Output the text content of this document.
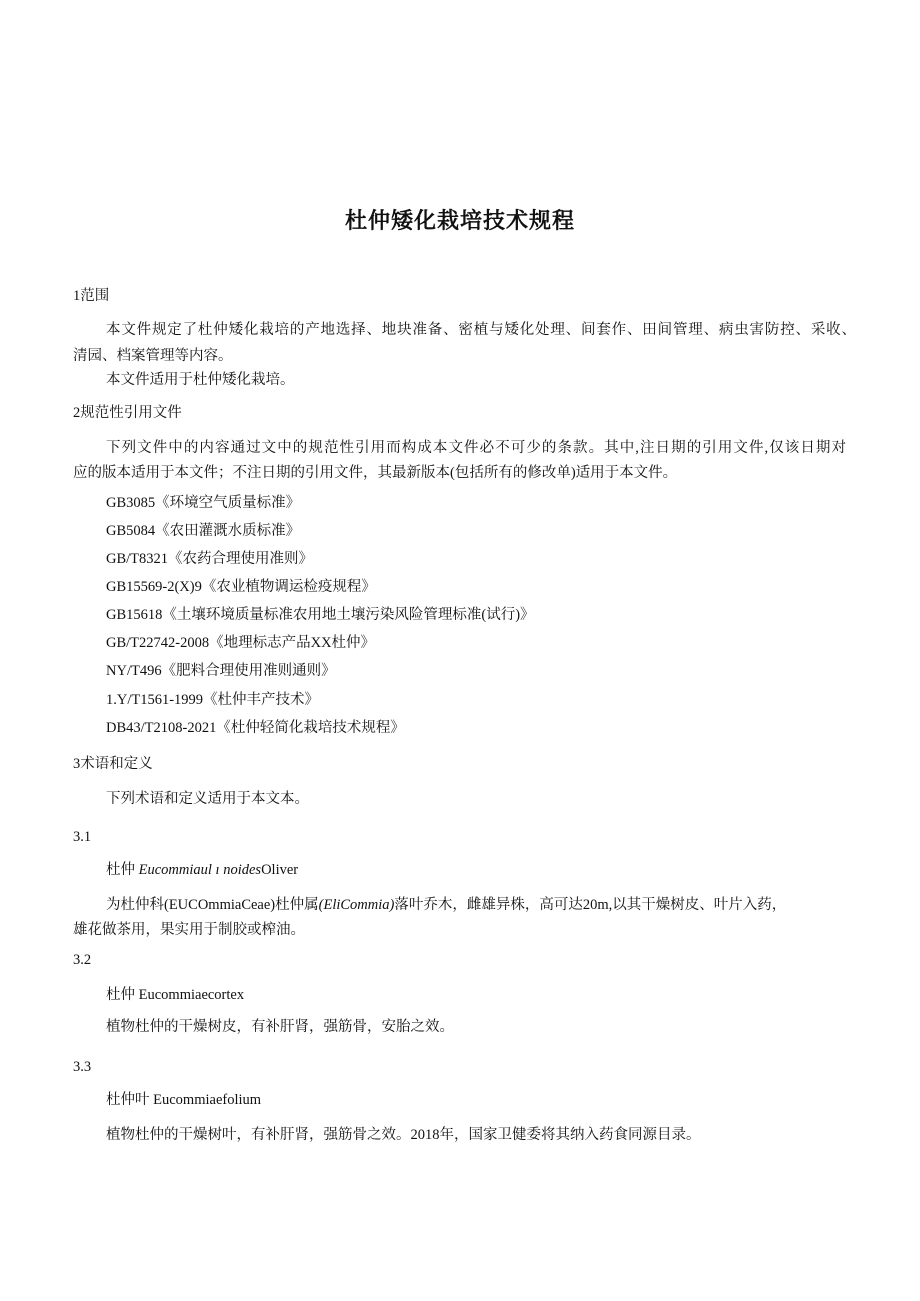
杜仲矮化栽培技术规程
1范围
本文件规定了杜仲矮化栽培的产地选择、地块准备、密植与矮化处理、间套作、田间管理、病虫害防控、采收、
清园、档案管理等内容。
本文件适用于杜仲矮化栽培。
2规范性引用文件
下列文件中的内容通过文中的规范性引用而构成本文件必不可少的条款。其中,注日期的引用文件,仅该日期对
应的版本适用于本文件；不注日期的引用文件，其最新版本(包括所有的修改单)适用于本文件。
GB3085《环境空气质量标准》
GB5084《农田灌溉水质标准》
GB/T8321《农药合理使用准则》
GB15569-2(X)9《农业植物调运检疫规程》
GB15618《土壤环境质量标准农用地土壤污染风险管理标准(试行)》
GB/T22742-2008《地理标志产品XX杜仲》
NY/T496《肥料合理使用准则通则》
1.Y/T1561-1999《杜仲丰产技术》
DB43/T2108-2021《杜仲轻简化栽培技术规程》
3术语和定义
下列术语和定义适用于本文本。
3.1
杜仲 Eucommiaul ı noidesOliver
为杜仲科(EUCOmmiaCeae)杜仲属(EliCommia)落叶乔木，雌雄异株，高可达20m,以其干燥树皮、叶片入药，
雄花做茶用，果实用于制胶或榨油。
3.2
杜仲 Eucommiaecortex
植物杜仲的干燥树皮，有补肝肾，强筋骨，安胎之效。
3.3
杜仲叶 Eucommiaefolium
植物杜仲的干燥树叶，有补肝肾，强筋骨之效。2018年，国家卫健委将其纳入药食同源目录。
